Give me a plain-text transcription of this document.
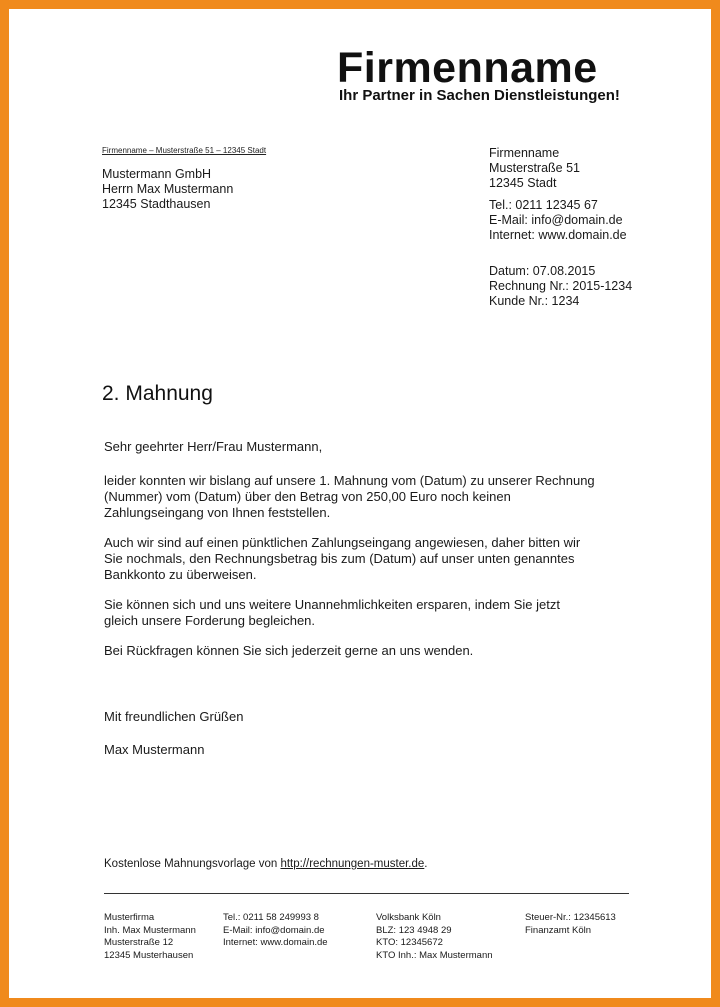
Firmenname
Ihr Partner in Sachen Dienstleistungen!
Firmenname – Musterstraße 51 – 12345 Stadt
Mustermann GmbH
Herrn Max Mustermann
12345 Stadthausen
Firmenname
Musterstraße 51
12345 Stadt
Tel.: 0211 12345 67
E-Mail: info@domain.de
Internet: www.domain.de
Datum: 07.08.2015
Rechnung Nr.: 2015-1234
Kunde Nr.: 1234
2. Mahnung

Sehr geehrter Herr/Frau Mustermann,

leider konnten wir bislang auf unsere 1. Mahnung vom (Datum) zu unserer Rechnung
(Nummer) vom (Datum) über den Betrag von 250,00 Euro noch keinen
Zahlungseingang von Ihnen feststellen.

Auch wir sind auf einen pünktlichen Zahlungseingang angewiesen, daher bitten wir
Sie nochmals, den Rechnungsbetrag bis zum (Datum) auf unser unten genanntes
Bankkonto zu überweisen.

Sie können sich und uns weitere Unannehmlichkeiten ersparen, indem Sie jetzt
gleich unsere Forderung begleichen.

Bei Rückfragen können Sie sich jederzeit gerne an uns wenden.

Mit freundlichen Grüßen
Max Mustermann
Kostenlose Mahnungsvorlage von http://rechnungen-muster.de.
Musterfirma
Inh. Max Mustermann
Musterstraße 12
12345 Musterhausen
Tel.: 0211 58 249993 8
E-Mail: info@domain.de
Internet: www.domain.de
Volksbank Köln
BLZ: 123 4948 29
KTO: 12345672
KTO Inh.: Max Mustermann
Steuer-Nr.: 12345613
Finanzamt Köln
